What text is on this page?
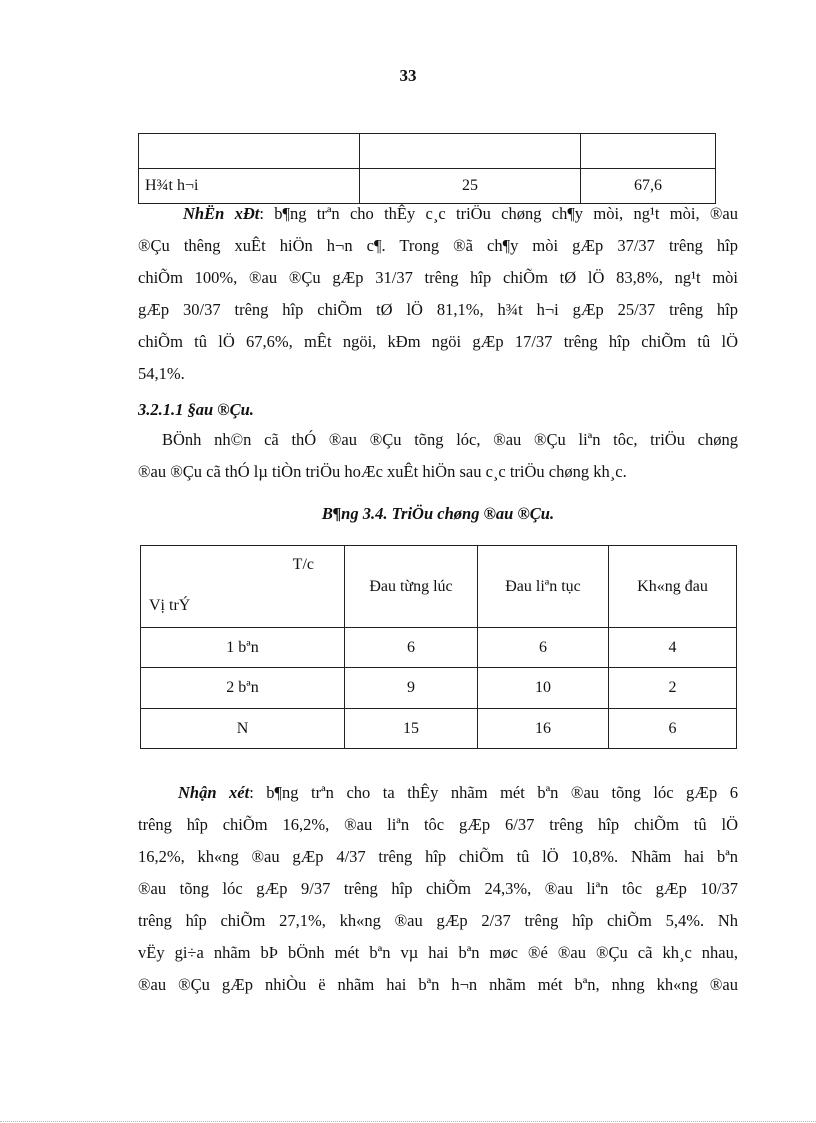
33

H¾t h¬i	25	67,6
NhËn xÐt: b¶ng trªn cho thÊy c¸c triÖu chøng ch¶y mòi, ng¹t mòi, ®au
®Çu thêng xuÊt hiÖn h¬n c¶. Trong ®ã ch¶y mòi gÆp 37/37 trêng hîp
chiÕm 100%, ®au ®Çu gÆp 31/37 trêng hîp chiÕm tØ lÖ 83,8%, ng¹t mòi
gÆp 30/37 trêng hîp chiÕm tØ lÖ 81,1%, h¾t h¬i gÆp 25/37 trêng hîp
chiÕm tû lÖ 67,6%, mÊt ngöi, kÐm ngöi gÆp 17/37 trêng hîp chiÕm tû lÖ
54,1%.
3.2.1.1 §au ®Çu.
BÖnh nh©n cã thÓ ®au ®Çu tõng lóc, ®au ®Çu liªn tôc, triÖu chøng
®au ®Çu cã thÓ lµ tiÒn triÖu hoÆc xuÊt hiÖn sau c¸c triÖu chøng kh¸c.
B¶ng 3.4. TriÖu chøng ®au ®Çu.
T/c
Vị trÝ	Đau từng lúc	Đau liªn tục	Kh«ng đau
1 bªn	6	6	4
2 bªn	9	10	2
N	15	16	6
Nhận xét: b¶ng trªn cho ta thÊy nhãm mét bªn ®au tõng lóc gÆp 6
trêng hîp chiÕm 16,2%, ®au liªn tôc gÆp 6/37 trêng hîp chiÕm tû lÖ
16,2%, kh«ng ®au gÆp 4/37 trêng hîp chiÕm tû lÖ 10,8%. Nhãm hai bªn
®au tõng lóc gÆp 9/37 trêng hîp chiÕm 24,3%, ®au liªn tôc gÆp 10/37
trêng hîp chiÕm 27,1%, kh«ng ®au gÆp 2/37 trêng hîp chiÕm 5,4%. Nh
vËy gi÷a nhãm bÞ bÖnh mét bªn vµ hai bªn møc ®é ®au ®Çu cã kh¸c nhau,
®au ®Çu gÆp nhiÒu ë nhãm hai bªn h¬n nhãm mét bªn, nhng kh«ng ®au
